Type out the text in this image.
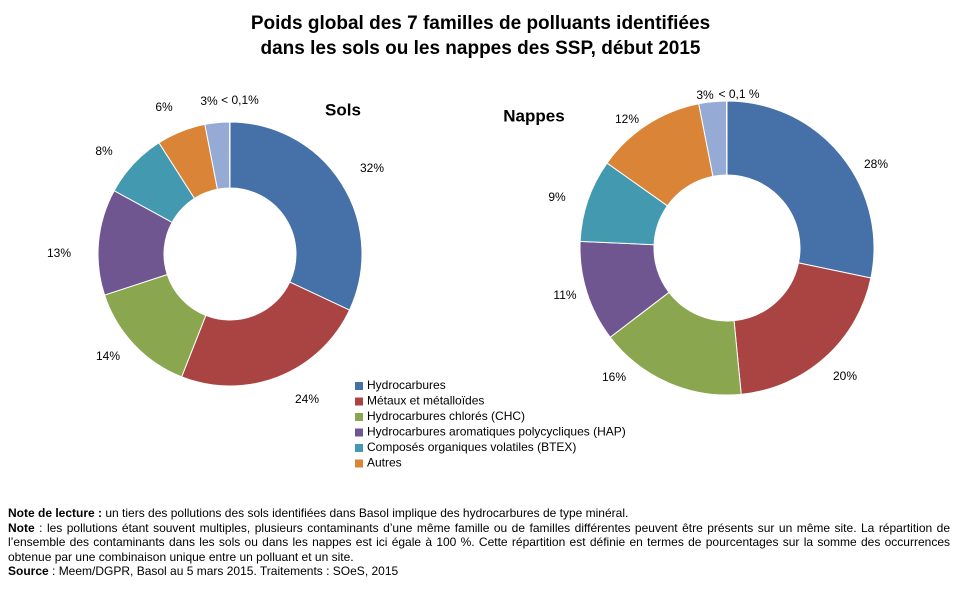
Poids global des 7 familles de polluants identifiées
dans les sols ou les nappes des SSP, début 2015
32%
24%
14%
13%
8%
6% 3% < 0,1%
Sols
28%
20%
16%
11%
9%
12%
3% < 0,1 %
Nappes
Hydrocarbures
Métaux et métalloïdes
Hydrocarbures chlorés (CHC)
Hydrocarbures aromatiques polycycliques (HAP)
Composés organiques volatiles (BTEX)
Autres
Note de lecture : un tiers des pollutions des sols identifiées dans Basol implique des hydrocarbures de type minéral.
Note : les pollutions étant souvent multiples, plusieurs contaminants d’une même famille ou de familles différentes peuvent être présents sur un même site. La répartition de l’ensemble des contaminants dans les sols ou dans les nappes est ici égale à 100 %. Cette répartition est définie en termes de pourcentages sur la somme des occurrences obtenue par une combinaison unique entre un polluant et un site.
Source : Meem/DGPR, Basol au 5 mars 2015. Traitements : SOeS, 2015
